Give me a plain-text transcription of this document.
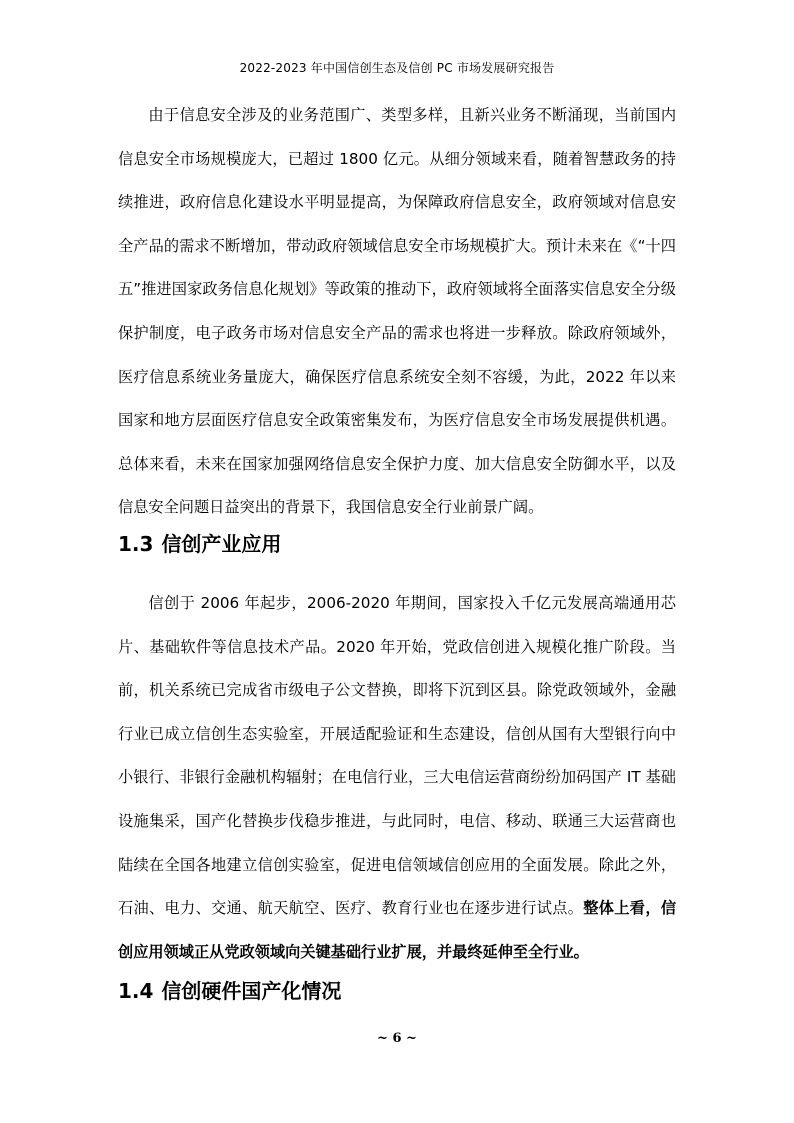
2022-2023 年中国信创生态及信创 PC 市场发展研究报告

由于信息安全涉及的业务范围广、类型多样，且新兴业务不断涌现，当前国内信息安全市场规模庞大，已超过 1800 亿元。从细分领域来看，随着智慧政务的持续推进，政府信息化建设水平明显提高，为保障政府信息安全，政府领域对信息安全产品的需求不断增加，带动政府领域信息安全市场规模扩大。预计未来在《“十四五”推进国家政务信息化规划》等政策的推动下，政府领域将全面落实信息安全分级保护制度，电子政务市场对信息安全产品的需求也将进一步释放。除政府领域外，医疗信息系统业务量庞大，确保医疗信息系统安全刻不容缓，为此，2022 年以来国家和地方层面医疗信息安全政策密集发布，为医疗信息安全市场发展提供机遇。总体来看，未来在国家加强网络信息安全保护力度、加大信息安全防御水平，以及信息安全问题日益突出的背景下，我国信息安全行业前景广阔。

1.3 信创产业应用

信创于 2006 年起步，2006-2020 年期间，国家投入千亿元发展高端通用芯片、基础软件等信息技术产品。2020 年开始，党政信创进入规模化推广阶段。当前，机关系统已完成省市级电子公文替换，即将下沉到区县。除党政领域外，金融行业已成立信创生态实验室，开展适配验证和生态建设，信创从国有大型银行向中小银行、非银行金融机构辐射；在电信行业，三大电信运营商纷纷加码国产 IT 基础设施集采，国产化替换步伐稳步推进，与此同时，电信、移动、联通三大运营商也陆续在全国各地建立信创实验室，促进电信领域信创应用的全面发展。除此之外，石油、电力、交通、航天航空、医疗、教育行业也在逐步进行试点。整体上看，信创应用领域正从党政领域向关键基础行业扩展，并最终延伸至全行业。

1.4 信创硬件国产化情况
~ 6 ~
